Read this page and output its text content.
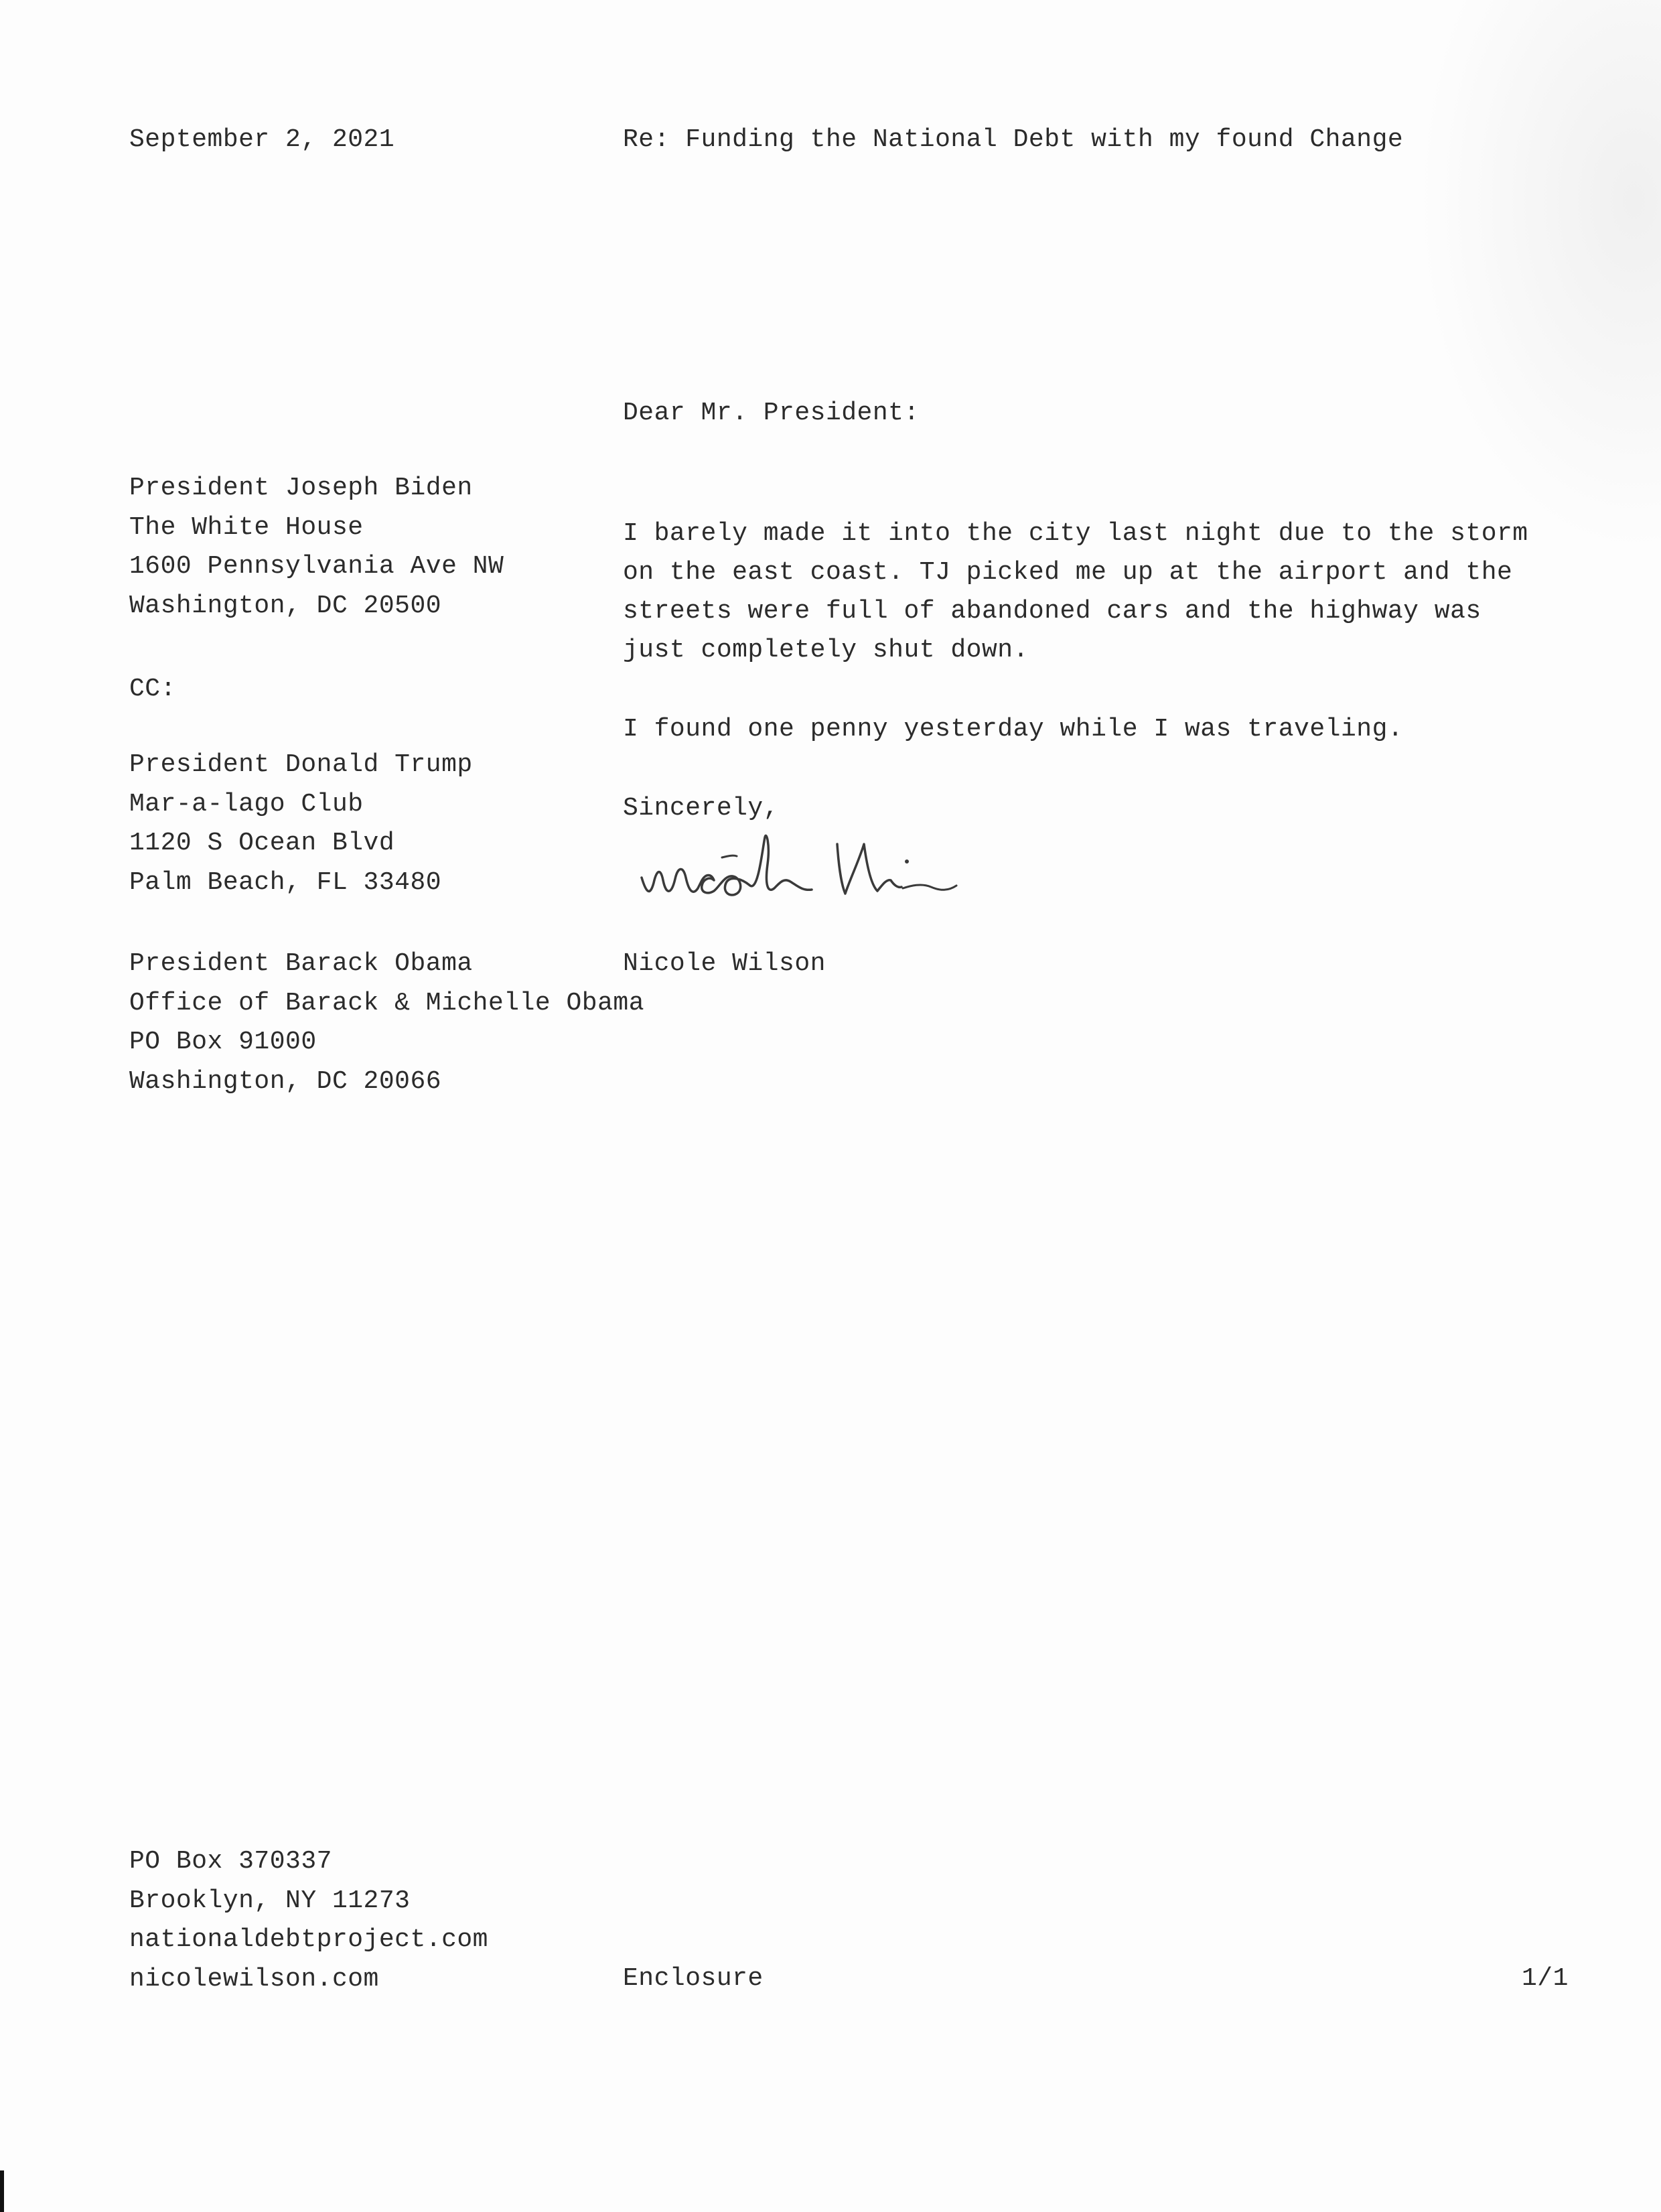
September 2, 2021	Re: Funding the National Debt with my found Change
Dear Mr. President:
President Joseph Biden
The White House
1600 Pennsylvania Ave NW
Washington, DC 20500
CC:
President Donald Trump
Mar-a-lago Club
1120 S Ocean Blvd
Palm Beach, FL 33480
President Barack Obama
Office of Barack & Michelle Obama
PO Box 91000
Washington, DC 20066
I barely made it into the city last night due to the storm on the east coast. TJ picked me up at the airport and the streets were full of abandoned cars and the highway was just completely shut down.
I found one penny yesterday while I was traveling.
Sincerely,
Nicole Wilson
PO Box 370337
Brooklyn, NY 11273
nationaldebtproject.com
nicolewilson.com	Enclosure	1/1
